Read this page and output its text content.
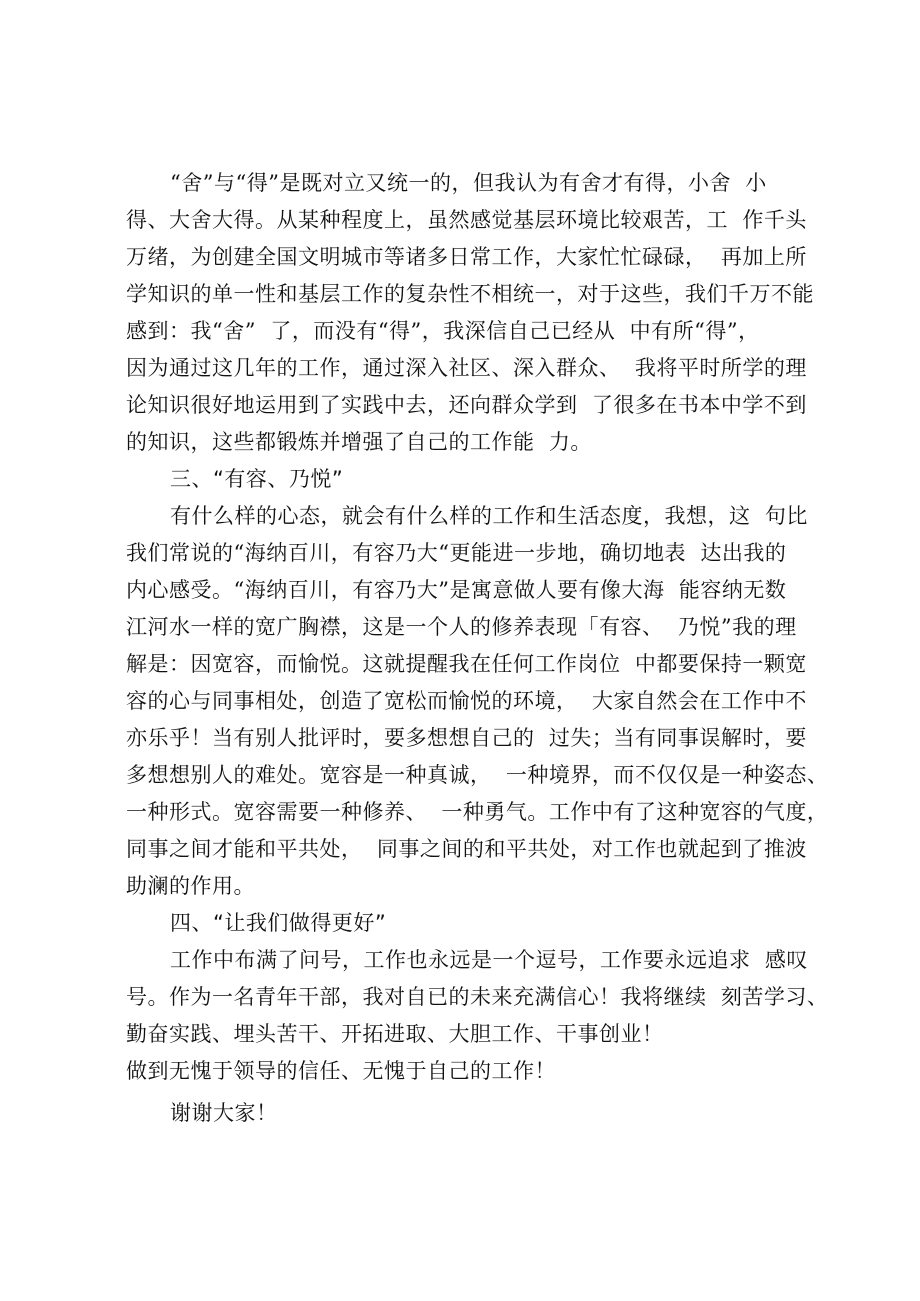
“舍”与“得”是既对立又统一的，但我认为有舍才有得，小舍  小

得、大舍大得。从某种程度上，虽然感觉基层环境比较艰苦，工  作千头

万绪，为创建全国文明城市等诸多日常工作，大家忙忙碌碌，  再加上所

学知识的单一性和基层工作的复杂性不相统一，对于这些，我们千万不能

感到：我“舍”  了，而没有“得”，我深信自己已经从  中有所“得”，

因为通过这几年的工作，通过深入社区、深入群众、  我将平时所学的理

论知识很好地运用到了实践中去，还向群众学到  了很多在书本中学不到

的知识，这些都锻炼并增强了自己的工作能  力。

三、“有容、乃悦”

有什么样的心态，就会有什么样的工作和生活态度，我想，这  句比

我们常说的“海纳百川，有容乃大“更能进一步地，确切地表  达出我的

内心感受。“海纳百川，有容乃大”是寓意做人要有像大海  能容纳无数

江河水一样的宽广胸襟，这是一个人的修养表现「有容、  乃悦”我的理

解是：因宽容，而愉悦。这就提醒我在任何工作岗位  中都要保持一颗宽

容的心与同事相处，创造了宽松而愉悦的环境，  大家自然会在工作中不

亦乐乎！当有别人批评时，要多想想自己的  过失；当有同事误解时，要

多想想别人的难处。宽容是一种真诚，  一种境界，而不仅仅是一种姿态、

一种形式。宽容需要一种修养、  一种勇气。工作中有了这种宽容的气度，

同事之间才能和平共处，  同事之间的和平共处，对工作也就起到了推波

助澜的作用。

四、“让我们做得更好”

工作中布满了问号，工作也永远是一个逗号，工作要永远追求  感叹

号。作为一名青年干部，我对自已的未来充满信心！我将继续  刻苦学习、

勤奋实践、埋头苦干、开拓进取、大胆工作、干事创业！

做到无愧于领导的信任、无愧于自己的工作！

谢谢大家！
